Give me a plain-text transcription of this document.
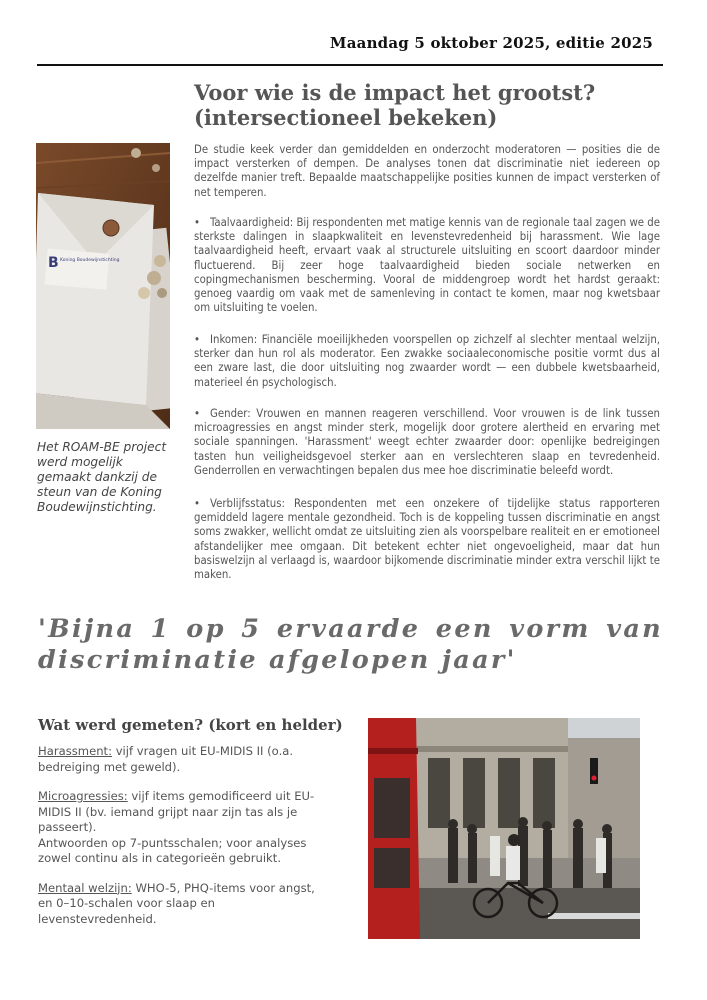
Maandag 5 oktober 2025, editie 2025
B Koning Boudewijnstichting
Het ROAM-BE project werd mogelijk gemaakt dankzij de steun van de Koning Boudewijnstichting.
Voor wie is de impact het grootst? (intersectioneel bekeken)
De studie keek verder dan gemiddelden en onderzocht moderatoren — posities die de impact versterken of dempen. De analyses tonen dat discriminatie niet iedereen op dezelfde manier treft. Bepaalde maatschappelijke posities kunnen de impact versterken of net temperen.
• Taalvaardigheid: Bij respondenten met matige kennis van de regionale taal zagen we de sterkste dalingen in slaapkwaliteit en levenstevredenheid bij harassment. Wie lage taalvaardigheid heeft, ervaart vaak al structurele uitsluiting en scoort daardoor minder fluctuerend. Bij zeer hoge taalvaardigheid bieden sociale netwerken en copingmechanismen bescherming. Vooral de middengroep wordt het hardst geraakt: genoeg vaardig om vaak met de samenleving in contact te komen, maar nog kwetsbaar om uitsluiting te voelen.
• Inkomen: Financiële moeilijkheden voorspellen op zichzelf al slechter mentaal welzijn, sterker dan hun rol als moderator. Een zwakke sociaaleconomische positie vormt dus al een zware last, die door uitsluiting nog zwaarder wordt — een dubbele kwetsbaarheid, materieel én psychologisch.
• Gender: Vrouwen en mannen reageren verschillend. Voor vrouwen is de link tussen microagressies en angst minder sterk, mogelijk door grotere alertheid en ervaring met sociale spanningen. 'Harassment' weegt echter zwaarder door: openlijke bedreigingen tasten hun veiligheidsgevoel sterker aan en verslechteren slaap en tevredenheid. Genderrollen en verwachtingen bepalen dus mee hoe discriminatie beleefd wordt.
• Verblijfsstatus: Respondenten met een onzekere of tijdelijke status rapporteren gemiddeld lagere mentale gezondheid. Toch is de koppeling tussen discriminatie en angst soms zwakker, wellicht omdat ze uitsluiting zien als voorspelbare realiteit en er emotioneel afstandelijker mee omgaan. Dit betekent echter niet ongevoeligheid, maar dat hun basiswelzijn al verlaagd is, waardoor bijkomende discriminatie minder extra verschil lijkt te maken.
'Bijna 1 op 5 ervaarde een vorm van discriminatie afgelopen jaar'
Wat werd gemeten? (kort en helder)

Harassment: vijf vragen uit EU-MIDIS II (o.a. bedreiging met geweld).

Microagressies: vijf items gemodificeerd uit EU-MIDIS II (bv. iemand grijpt naar zijn tas als je passeert).

Antwoorden op 7-puntsschalen; voor analyses zowel continu als in categorieën gebruikt.

Mentaal welzijn: WHO-5, PHQ-items voor angst, en 0–10-schalen voor slaap en levenstevredenheid.
